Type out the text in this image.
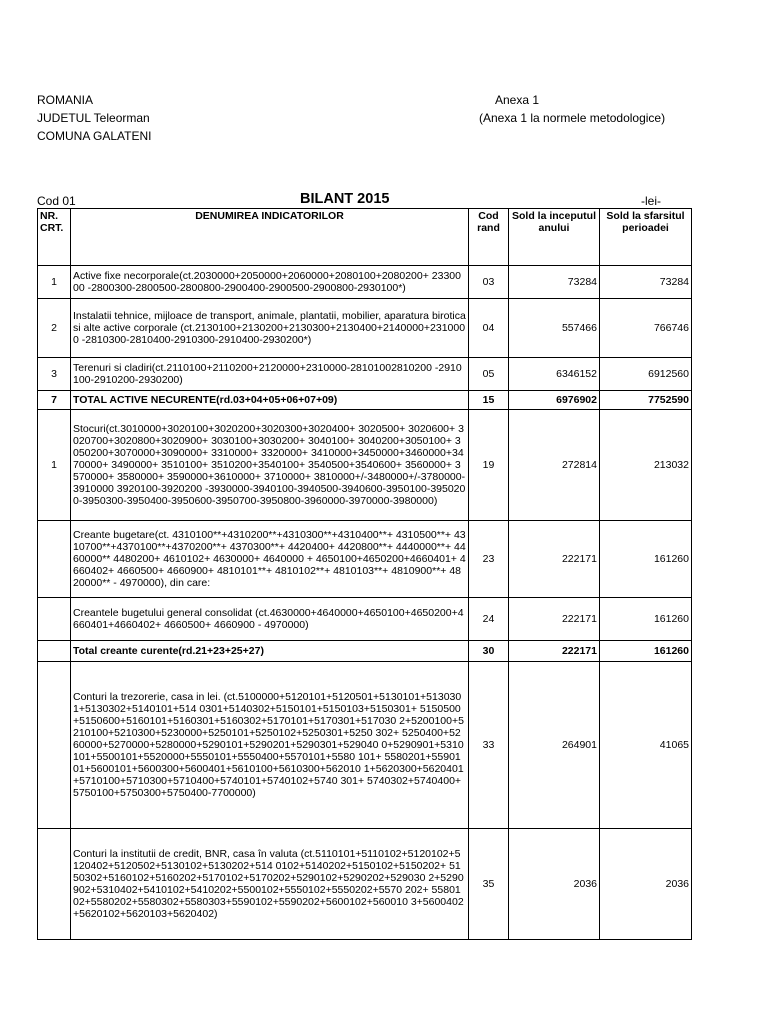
ROMANIA
JUDETUL Teleorman
COMUNA GALATENI
Anexa 1
(Anexa 1 la normele metodologice)
Cod 01	BILANT 2015	-lei-
NR. CRT.	DENUMIREA INDICATORILOR	Cod rand	Sold la inceputul anului	Sold la sfarsitul perioadei
1	Active fixe necorporale(ct.2030000+2050000+2060000+2080100+2080200+ 2330000 -2800300-2800500-2800800-2900400-2900500-2900800-2930100*)	03	73284	73284
2	Instalatii tehnice, mijloace de transport, animale, plantatii, mobilier, aparatura birotica si alte active corporale (ct.2130100+2130200+2130300+2130400+2140000+2310000 -2810300-2810400-2910300-2910400-2930200*)	04	557466	766746
3	Terenuri si cladiri(ct.2110100+2110200+2120000+2310000-28101002810200 -2910100-2910200-2930200)	05	6346152	6912560
7	TOTAL ACTIVE NECURENTE(rd.03+04+05+06+07+09)	15	6976902	7752590
1	Stocuri(ct.3010000+3020100+3020200+3020300+3020400+ 3020500+ 3020600+ 3020700+3020800+3020900+ 3030100+3030200+ 3040100+ 3040200+3050100+ 3050200+3070000+3090000+ 3310000+ 3320000+ 3410000+3450000+3460000+3470000+ 3490000+ 3510100+ 3510200+3540100+ 3540500+3540600+ 3560000+ 3570000+ 3580000+ 3590000+3610000+ 3710000+ 3810000+/-3480000+/-3780000-3910000 3920100-3920200 -3930000-3940100-3940500-3940600-3950100-3950200-3950300-3950400-3950600-3950700-3950800-3960000-3970000-3980000)	19	272814	213032
	Creante bugetare(ct. 4310100**+4310200**+4310300**+4310400**+ 4310500**+ 4310700**+4370100**+4370200**+ 4370300**+ 4420400+ 4420800**+ 4440000**+ 4460000** 4480200+ 4610102+ 4630000+ 4640000 + 4650100+4650200+4660401+ 4660402+ 4660500+ 4660900+ 4810101**+ 4810102**+ 4810103**+ 4810900**+ 4820000** - 4970000), din care:	23	222171	161260
	Creantele bugetului general consolidat (ct.4630000+4640000+4650100+4650200+4660401+4660402+ 4660500+ 4660900 - 4970000)	24	222171	161260
	Total creante curente(rd.21+23+25+27)	30	222171	161260
	Conturi la trezorerie, casa in lei. (ct.5100000+5120101+5120501+5130101+5130301+5130302+5140101+514 0301+5140302+5150101+5150103+5150301+ 5150500+5150600+5160101+5160301+5160302+5170101+5170301+517030 2+5200100+5210100+5210300+5230000+5250101+5250102+5250301+5250 302+ 5250400+5260000+5270000+5280000+5290101+5290201+5290301+529040 0+5290901+5310101+5500101+5520000+5550101+5550400+5570101+5580 101+ 5580201+5590101+5600101+5600300+5600401+5610100+5610300+562010 1+5620300+5620401+5710100+5710300+5710400+5740101+5740102+5740 301+ 5740302+5740400+5750100+5750300+5750400-7700000)	33	264901	41065
	Conturi la institutii de credit, BNR, casa în valuta (ct.5110101+5110102+5120102+5120402+5120502+5130102+5130202+514 0102+5140202+5150102+5150202+ 5150302+5160102+5160202+5170102+5170202+5290102+5290202+529030 2+5290902+5310402+5410102+5410202+5500102+5550102+5550202+5570 202+ 5580102+5580202+5580302+5580303+5590102+5590202+5600102+560010 3+5600402+5620102+5620103+5620402)	35	2036	2036
